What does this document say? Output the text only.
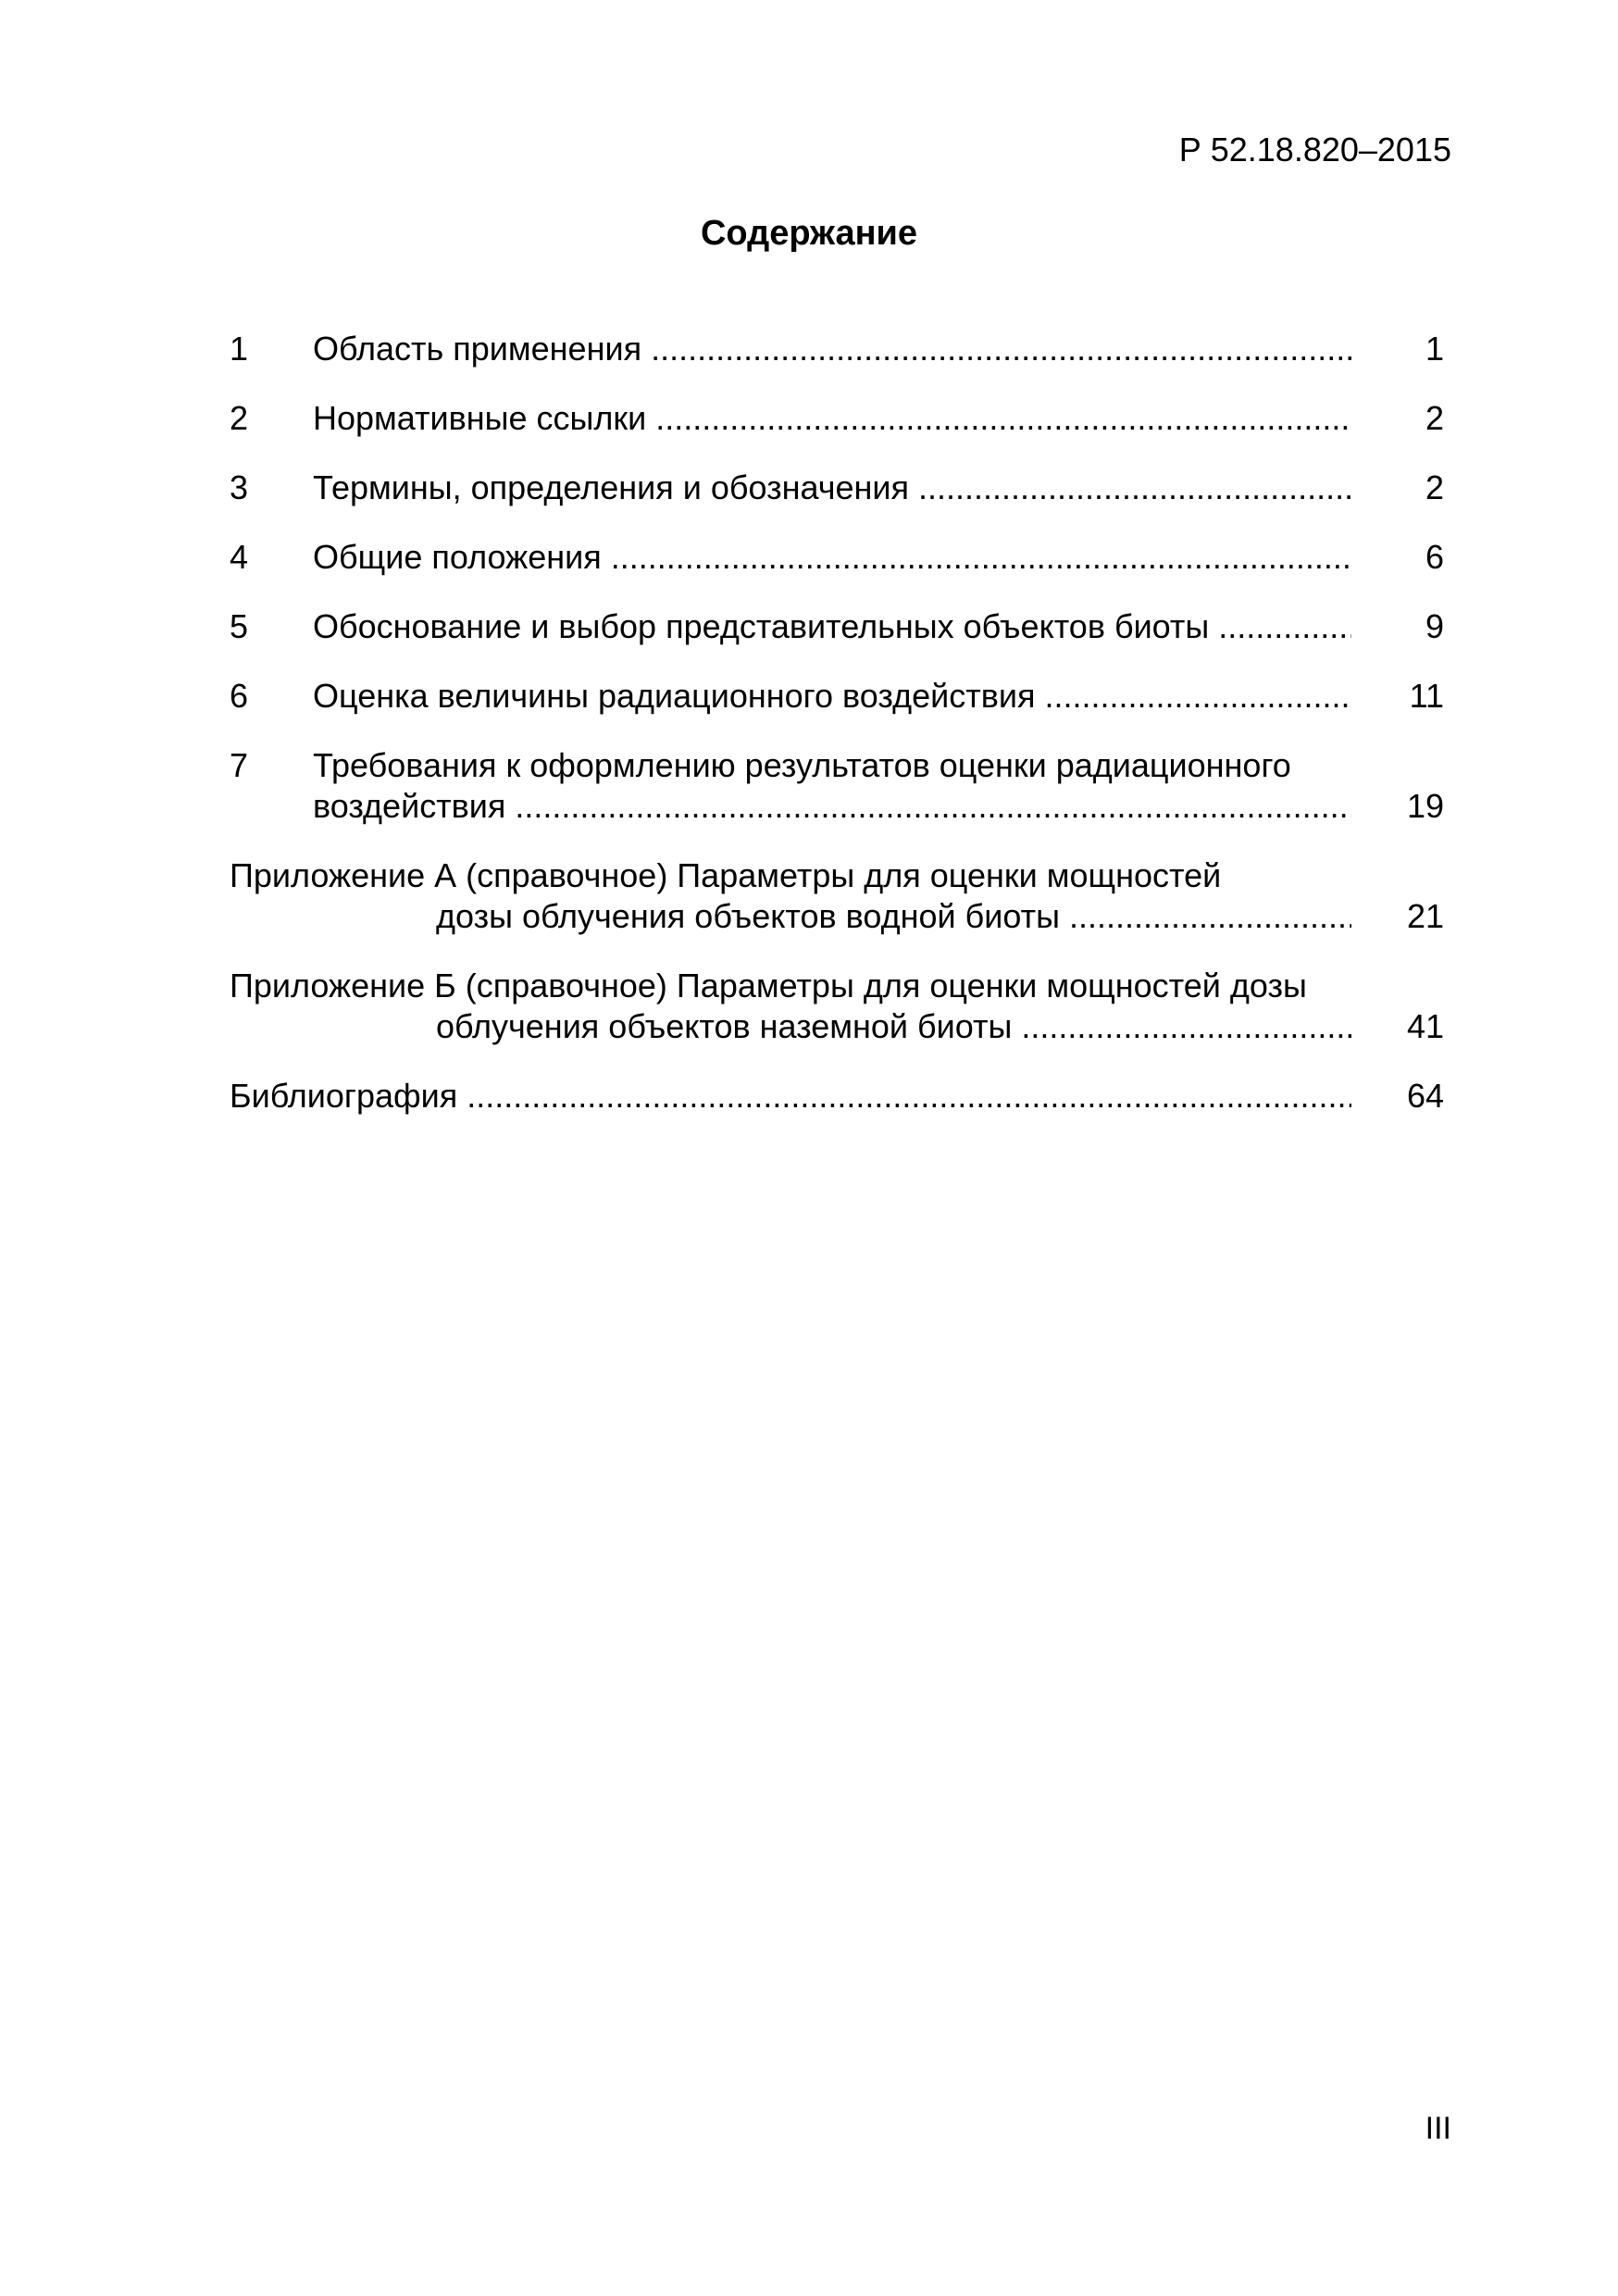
Р 52.18.820–2015
Содержание
1 Область применения .....	1
2 Нормативные ссылки .....	2
3 Термины, определения и обозначения .....	2
4 Общие положения .....	6
5 Обоснование и выбор представительных объектов биоты .....	9
6 Оценка величины радиационного воздействия .....	11
7 Требования к оформлению результатов оценки радиационного
воздействия .....	19
Приложение А (справочное) Параметры для оценки мощностей
дозы облучения объектов водной биоты .....	21
Приложение Б (справочное) Параметры для оценки мощностей дозы
облучения объектов наземной биоты .....	41
Библиография .....	64
III
